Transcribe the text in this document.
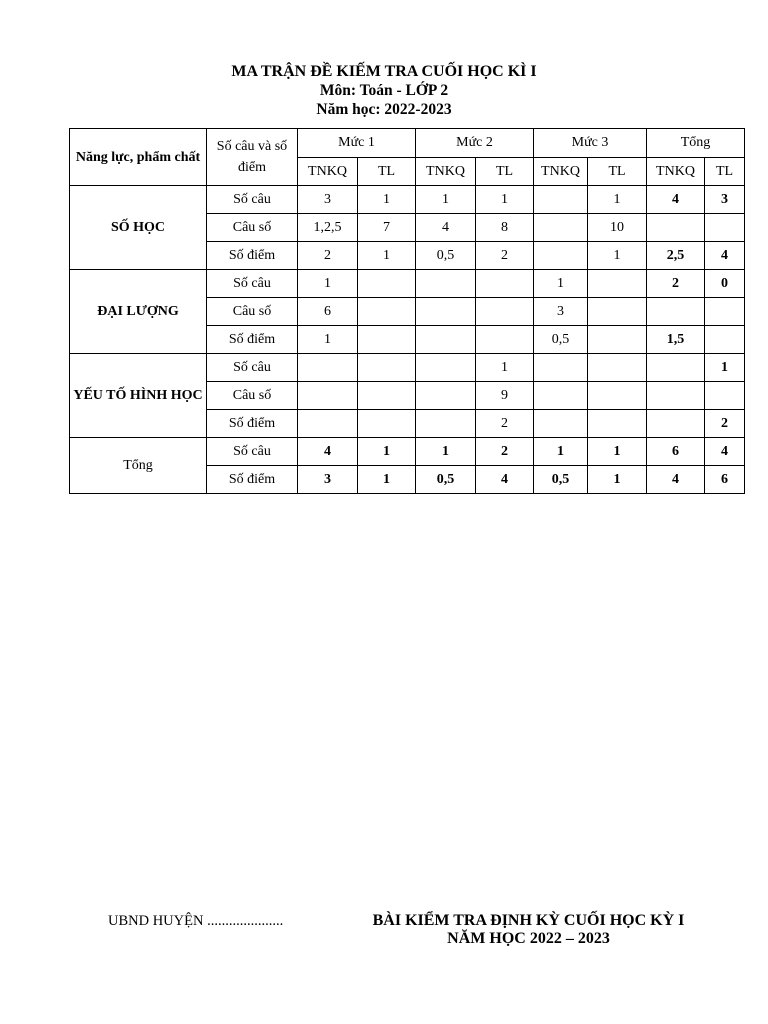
MA TRẬN ĐỀ KIẾM TRA CUỐI HỌC KÌ I
Môn: Toán - LỚP 2
Năm học: 2022-2023
Năng lực, phẩm chất	Số câu và số điểm	Mức 1		Mức 2		Mức 3		Tổng	
		TNKQ	TL	TNKQ	TL	TNKQ	TL	TNKQ	TL
SỐ HỌC	Số câu	3	1	1	1		1	4	3
	Câu số	1,2,5	7	4	8		10		
	Số điểm	2	1	0,5	2		1	2,5	4
ĐẠI LƯỢNG	Số câu	1				1		2	0
	Câu số	6				3			
	Số điểm	1				0,5		1,5	
YẾU TỐ HÌNH HỌC	Số câu				1				1
	Câu số				9				
	Số điểm				2				2
Tổng	Số câu	4	1	1	2	1	1	6	4
	Số điểm	3	1	0,5	4	0,5	1	4	6
UBND HUYỆN .....................	BÀI KIỂM TRA ĐỊNH KỲ CUỐI HỌC KỲ I
NĂM HỌC 2022 – 2023
